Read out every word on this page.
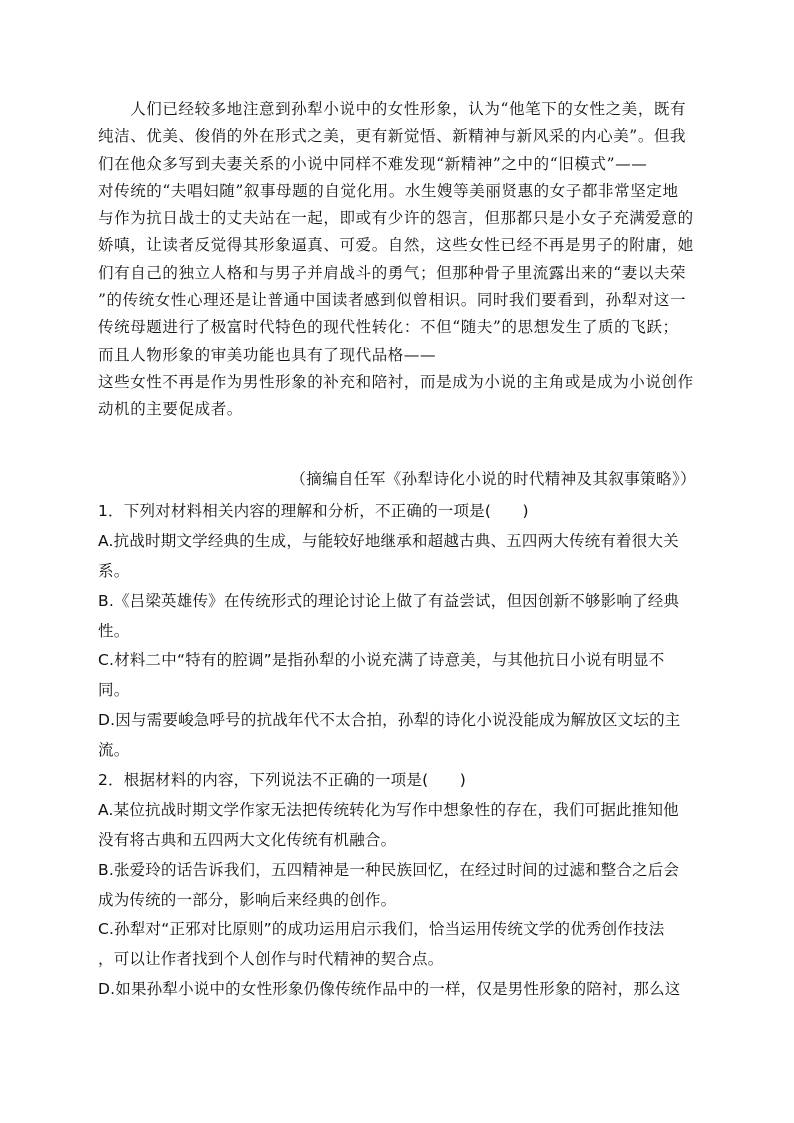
　　人们已经较多地注意到孙犁小说中的女性形象，认为“他笔下的女性之美，既有
纯洁、优美、俊俏的外在形式之美，更有新觉悟、新精神与新风采的内心美”。但我
们在他众多写到夫妻关系的小说中同样不难发现“新精神”之中的“旧模式”——
对传统的“夫唱妇随”叙事母题的自觉化用。水生嫂等美丽贤惠的女子都非常坚定地
与作为抗日战士的丈夫站在一起，即或有少许的怨言，但那都只是小女子充满爱意的
娇嗔，让读者反觉得其形象逼真、可爱。自然，这些女性已经不再是男子的附庸，她
们有自己的独立人格和与男子并肩战斗的勇气；但那种骨子里流露出来的“妻以夫荣
”的传统女性心理还是让普通中国读者感到似曾相识。同时我们要看到，孙犁对这一
传统母题进行了极富时代特色的现代性转化：不但“随夫”的思想发生了质的飞跃；
而且人物形象的审美功能也具有了现代品格——
这些女性不再是作为男性形象的补充和陪衬，而是成为小说的主角或是成为小说创作
动机的主要促成者。
（摘编自任军《孙犁诗化小说的时代精神及其叙事策略》）
1．下列对材料相关内容的理解和分析，不正确的一项是(　　)
A.抗战时期文学经典的生成，与能较好地继承和超越古典、五四两大传统有着很大关
系。
B.《吕梁英雄传》在传统形式的理论讨论上做了有益尝试，但因创新不够影响了经典
性。
C.材料二中“特有的腔调”是指孙犁的小说充满了诗意美，与其他抗日小说有明显不
同。
D.因与需要峻急呼号的抗战年代不太合拍，孙犁的诗化小说没能成为解放区文坛的主
流。
2．根据材料的内容，下列说法不正确的一项是(　　)
A.某位抗战时期文学作家无法把传统转化为写作中想象性的存在，我们可据此推知他
没有将古典和五四两大文化传统有机融合。
B.张爱玲的话告诉我们，五四精神是一种民族回忆，在经过时间的过滤和整合之后会
成为传统的一部分，影响后来经典的创作。
C.孙犁对“正邪对比原则”的成功运用启示我们，恰当运用传统文学的优秀创作技法
，可以让作者找到个人创作与时代精神的契合点。
D.如果孙犁小说中的女性形象仍像传统作品中的一样，仅是男性形象的陪衬，那么这
